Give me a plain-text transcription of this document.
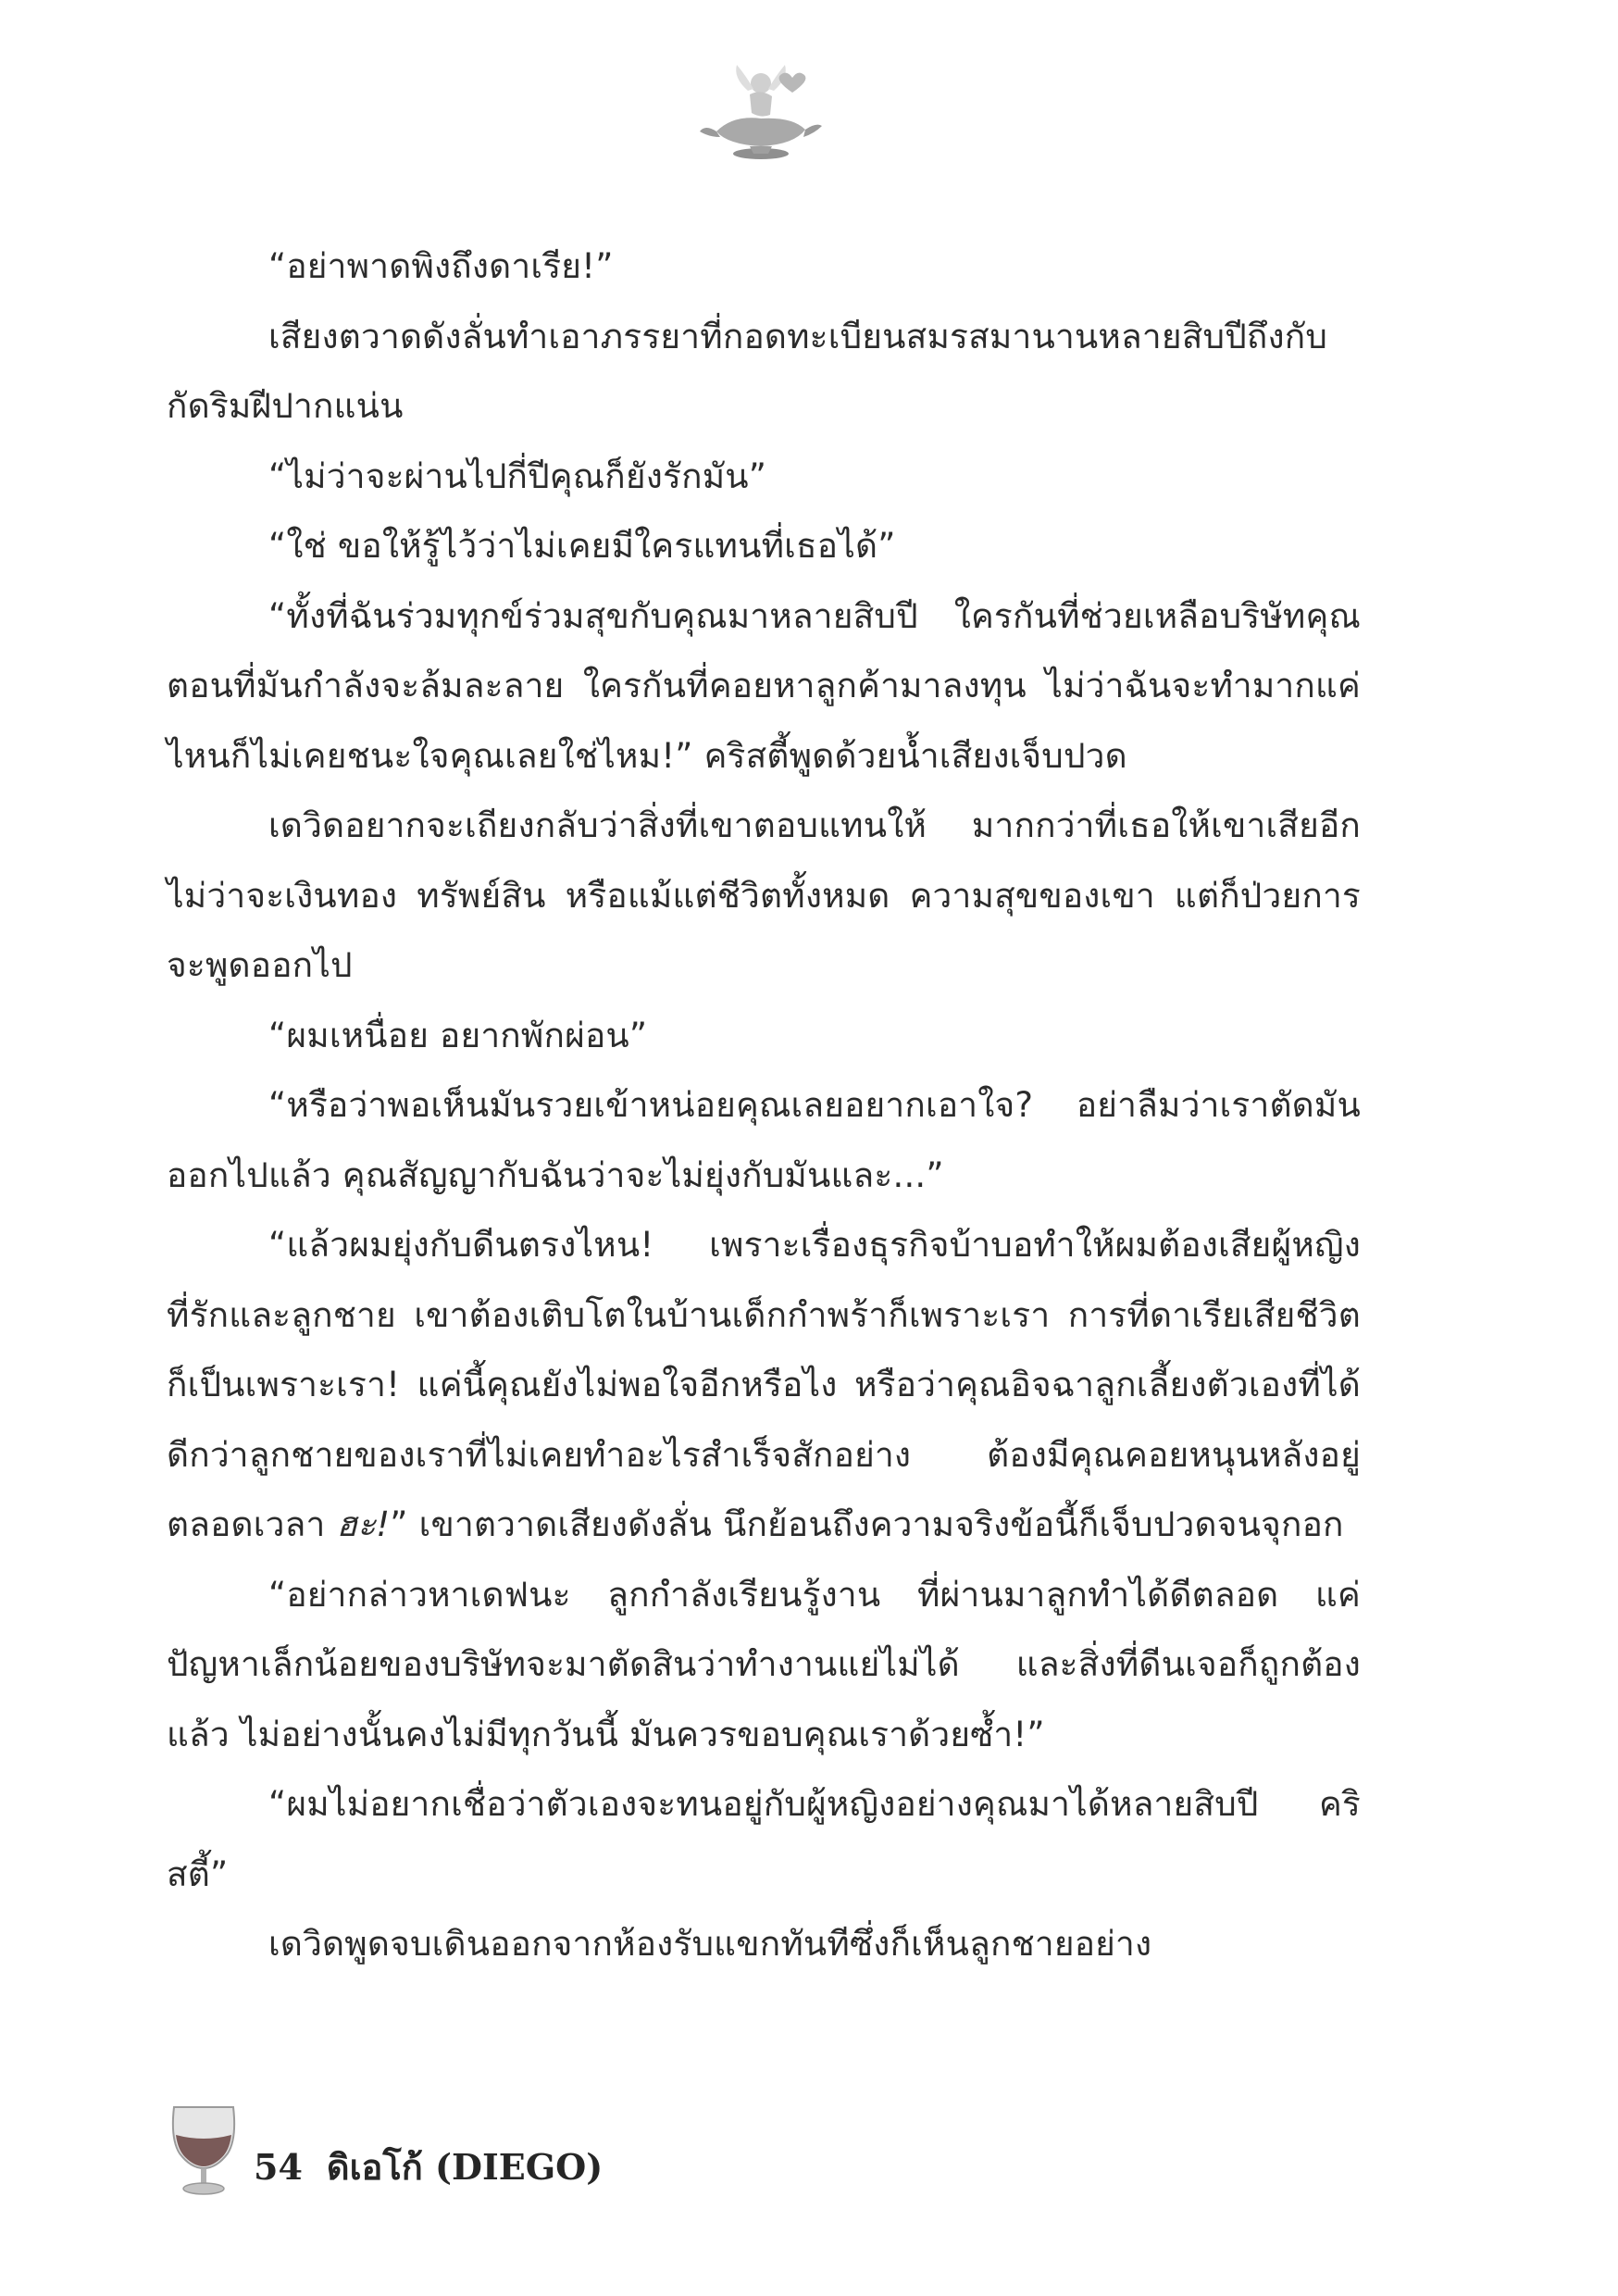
“อย่าพาดพิงถึงดาเรีย!”

เสียงตวาดดังลั่นทำเอาภรรยาที่กอดทะเบียนสมรสมานานหลายสิบปีถึงกับกัดริมฝีปากแน่น

“ไม่ว่าจะผ่านไปกี่ปีคุณก็ยังรักมัน”

“ใช่ ขอให้รู้ไว้ว่าไม่เคยมีใครแทนที่เธอได้”

“ทั้งที่ฉันร่วมทุกข์ร่วมสุขกับคุณมาหลายสิบปี ใครกันที่ช่วยเหลือบริษัทคุณตอนที่มันกำลังจะล้มละลาย ใครกันที่คอยหาลูกค้ามาลงทุน ไม่ว่าฉันจะทำมากแค่ไหนก็ไม่เคยชนะใจคุณเลยใช่ไหม!” คริสตี้พูดด้วยน้ำเสียงเจ็บปวด

เดวิดอยากจะเถียงกลับว่าสิ่งที่เขาตอบแทนให้ มากกว่าที่เธอให้เขาเสียอีก ไม่ว่าจะเงินทอง ทรัพย์สิน หรือแม้แต่ชีวิตทั้งหมด ความสุขของเขา แต่ก็ป่วยการจะพูดออกไป

“ผมเหนื่อย อยากพักผ่อน”

“หรือว่าพอเห็นมันรวยเข้าหน่อยคุณเลยอยากเอาใจ? อย่าลืมว่าเราตัดมันออกไปแล้ว คุณสัญญากับฉันว่าจะไม่ยุ่งกับมันและ...”

“แล้วผมยุ่งกับดีนตรงไหน! เพราะเรื่องธุรกิจบ้าบอทำให้ผมต้องเสียผู้หญิงที่รักและลูกชาย เขาต้องเติบโตในบ้านเด็กกำพร้าก็เพราะเรา การที่ดาเรียเสียชีวิตก็เป็นเพราะเรา! แค่นี้คุณยังไม่พอใจอีกหรือไง หรือว่าคุณอิจฉาลูกเลี้ยงตัวเองที่ได้ดีกว่าลูกชายของเราที่ไม่เคยทำอะไรสำเร็จสักอย่าง ต้องมีคุณคอยหนุนหลังอยู่ตลอดเวลา ฮะ!” เขาตวาดเสียงดังลั่น นึกย้อนถึงความจริงข้อนี้ก็เจ็บปวดจนจุกอก

“อย่ากล่าวหาเดฟนะ ลูกกำลังเรียนรู้งาน ที่ผ่านมาลูกทำได้ดีตลอด แค่ปัญหาเล็กน้อยของบริษัทจะมาตัดสินว่าทำงานแย่ไม่ได้ และสิ่งที่ดีนเจอก็ถูกต้องแล้ว ไม่อย่างนั้นคงไม่มีทุกวันนี้ มันควรขอบคุณเราด้วยซ้ำ!”

“ผมไม่อยากเชื่อว่าตัวเองจะทนอยู่กับผู้หญิงอย่างคุณมาได้หลายสิบปี คริสตี้”

เดวิดพูดจบเดินออกจากห้องรับแขกทันทีซึ่งก็เห็นลูกชายอย่าง

54 ดิเอโก้ (DIEGO)
